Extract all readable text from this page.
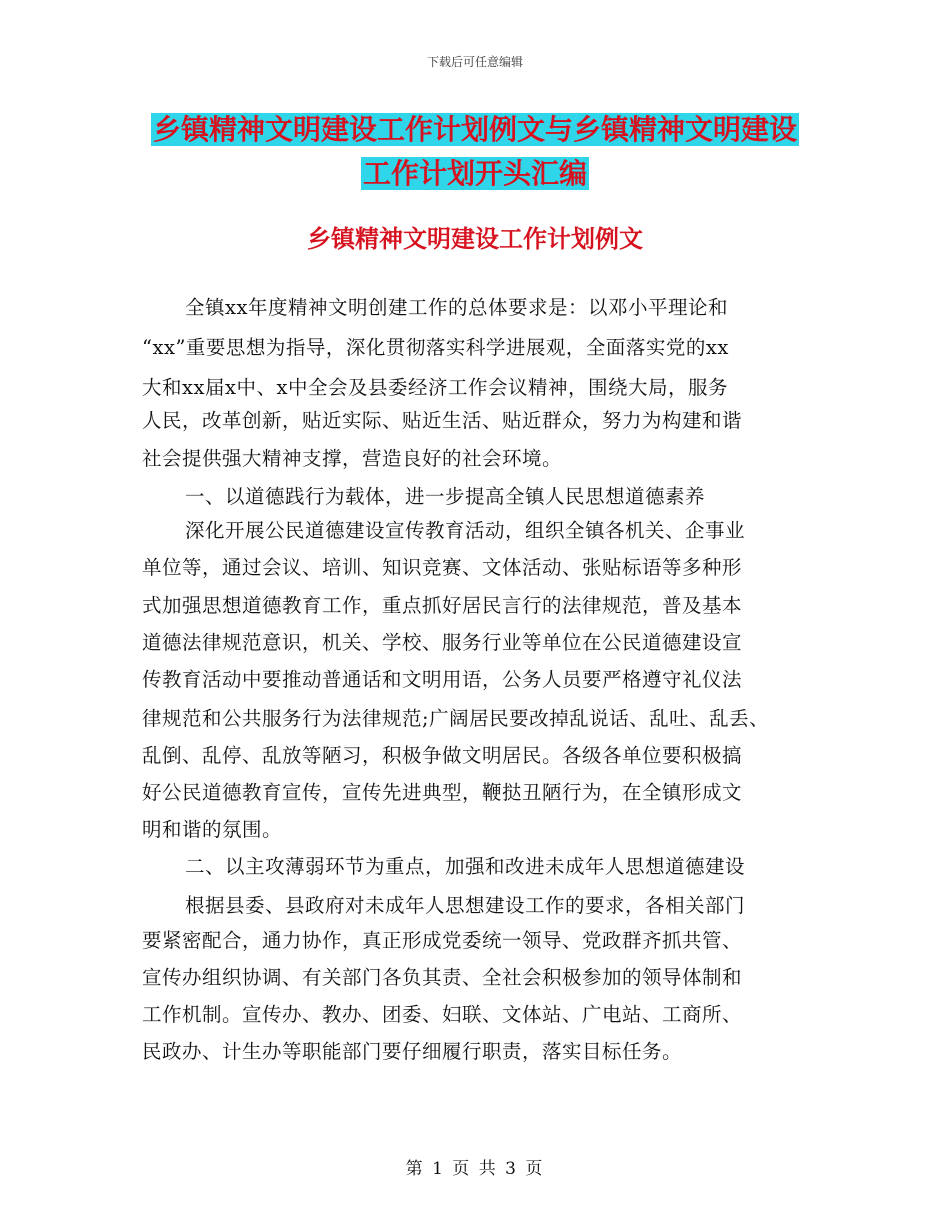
下载后可任意编辑
乡镇精神文明建设工作计划例文与乡镇精神文明建设
工作计划开头汇编
乡镇精神文明建设工作计划例文
全镇xx年度精神文明创建工作的总体要求是：以邓小平理论和
“xx”重要思想为指导，深化贯彻落实科学进展观，全面落实党的xx
大和xx届x中、x中全会及县委经济工作会议精神，围绕大局，服务
人民，改革创新，贴近实际、贴近生活、贴近群众，努力为构建和谐
社会提供强大精神支撑，营造良好的社会环境。
一、以道德践行为载体，进一步提高全镇人民思想道德素养
深化开展公民道德建设宣传教育活动，组织全镇各机关、企事业
单位等，通过会议、培训、知识竞赛、文体活动、张贴标语等多种形
式加强思想道德教育工作，重点抓好居民言行的法律规范，普及基本
道德法律规范意识，机关、学校、服务行业等单位在公民道德建设宣
传教育活动中要推动普通话和文明用语，公务人员要严格遵守礼仪法
律规范和公共服务行为法律规范;广阔居民要改掉乱说话、乱吐、乱丢、
乱倒、乱停、乱放等陋习，积极争做文明居民。各级各单位要积极搞
好公民道德教育宣传，宣传先进典型，鞭挞丑陋行为，在全镇形成文
明和谐的氛围。
二、以主攻薄弱环节为重点，加强和改进未成年人思想道德建设
根据县委、县政府对未成年人思想建设工作的要求，各相关部门
要紧密配合，通力协作，真正形成党委统一领导、党政群齐抓共管、
宣传办组织协调、有关部门各负其责、全社会积极参加的领导体制和
工作机制。宣传办、教办、团委、妇联、文体站、广电站、工商所、
民政办、计生办等职能部门要仔细履行职责，落实目标任务。
第 1 页 共 3 页
